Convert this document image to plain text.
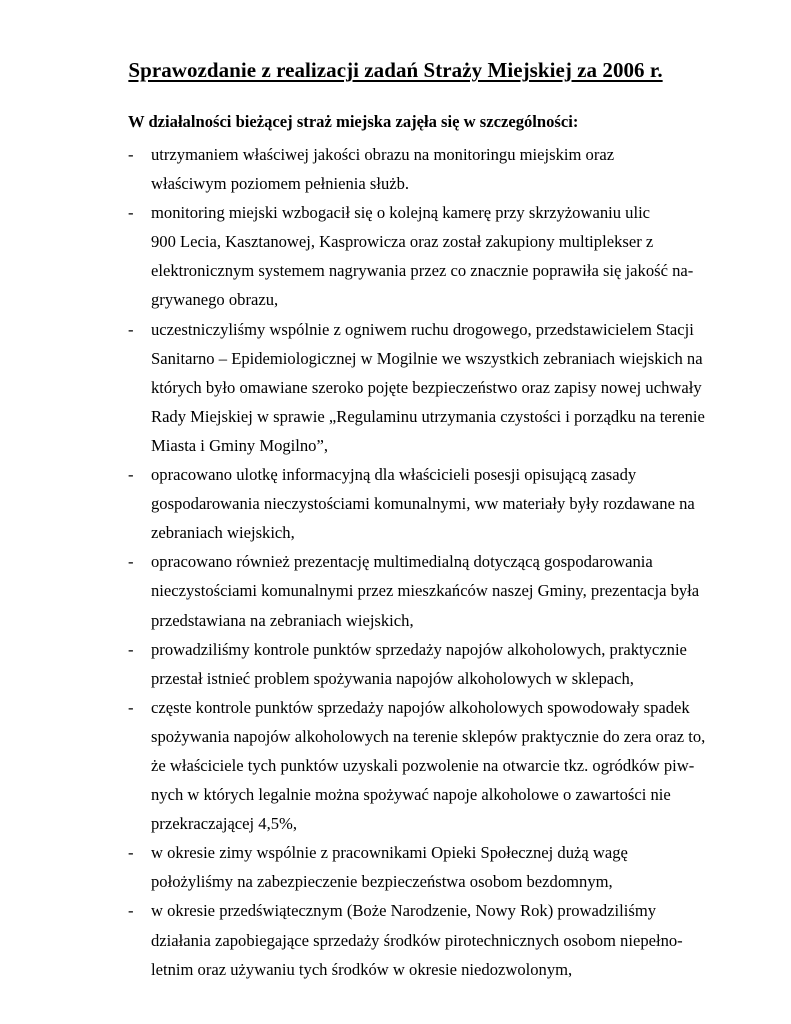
Sprawozdanie z realizacji zadań Straży Miejskiej za 2006 r.

W działalności bieżącej straż miejska zajęła się w szczególności:

- utrzymaniem właściwej jakości obrazu na monitoringu miejskim oraz
właściwym poziomem pełnienia służb.
- monitoring miejski wzbogacił się o kolejną kamerę przy skrzyżowaniu ulic
900 Lecia, Kasztanowej, Kasprowicza oraz został zakupiony multiplekser z
elektronicznym systemem nagrywania przez co znacznie poprawiła się jakość na-
grywanego obrazu,
- uczestniczyliśmy wspólnie z ogniwem ruchu drogowego, przedstawicielem Stacji
Sanitarno – Epidemiologicznej w Mogilnie we wszystkich zebraniach wiejskich na
których było omawiane szeroko pojęte bezpieczeństwo oraz zapisy nowej uchwały
Rady Miejskiej w sprawie „Regulaminu utrzymania czystości i porządku na terenie
Miasta i Gminy Mogilno”,
- opracowano ulotkę informacyjną dla właścicieli posesji opisującą zasady
gospodarowania nieczystościami komunalnymi, ww materiały były rozdawane na
zebraniach wiejskich,
- opracowano również prezentację multimedialną dotyczącą gospodarowania
nieczystościami komunalnymi przez mieszkańców naszej Gminy, prezentacja była
przedstawiana na zebraniach wiejskich,
- prowadziliśmy kontrole punktów sprzedaży napojów alkoholowych, praktycznie
przestał istnieć problem spożywania napojów alkoholowych w sklepach,
- częste kontrole punktów sprzedaży napojów alkoholowych spowodowały spadek
spożywania napojów alkoholowych na terenie sklepów praktycznie do zera oraz to,
że właściciele tych punktów uzyskali pozwolenie na otwarcie tkz. ogródków piw-
nych w których legalnie można spożywać napoje alkoholowe o zawartości nie
przekraczającej 4,5%,
- w okresie zimy wspólnie z pracownikami Opieki Społecznej dużą wagę
położyliśmy na zabezpieczenie bezpieczeństwa osobom bezdomnym,
- w okresie przedświątecznym (Boże Narodzenie, Nowy Rok) prowadziliśmy
działania zapobiegające sprzedaży środków pirotechnicznych osobom niepełno-
letnim oraz używaniu tych środków w okresie niedozwolonym,
